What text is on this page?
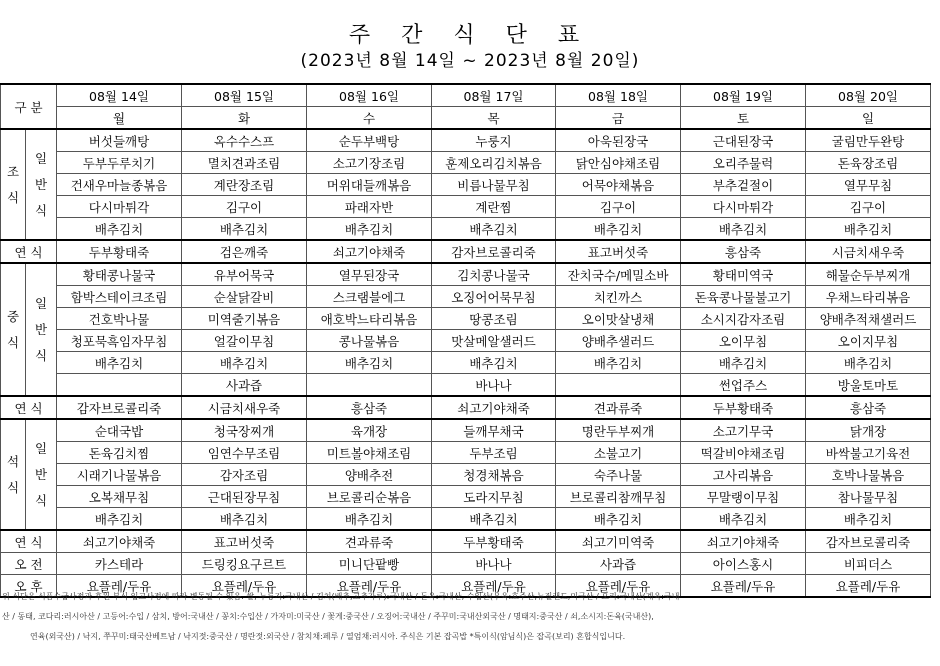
주 간 식 단 표
(2023년 8월 14일 ~ 2023년 8월 20일)
구 분		08월 14일	08월 15일	08월 16일	08월 17일	08월 18일	08월 19일	08월 20일
		월	화	수	목	금	토	일

조
식	일
반
식	버섯들깨탕	옥수수스프	순두부백탕	누룽지	아욱된장국	근대된장국	굴림만두완탕
		두부두루치기	멸치견과조림	소고기장조림	훈제오리김치볶음	닭안심야채조림	오리주물럭	돈육장조림
		건새우마늘종볶음	계란장조림	머위대들깨볶음	비름나물무침	어묵야채볶음	부추겉절이	열무무침
		다시마튀각	김구이	파래자반	계란찜	김구이	다시마튀각	김구이
		배추김치	배추김치	배추김치	배추김치	배추김치	배추김치	배추김치
연 식		두부황태죽	검은깨죽	쇠고기야채죽	감자브로콜리죽	표고버섯죽	흥삼죽	시금치새우죽

중
식	일
반
식	황태콩나물국	유부어묵국	열무된장국	김치콩나물국	잔치국수/메밀소바	황태미역국	해물순두부찌개
		함박스테이크조림	순살닭갈비	스크램블에그	오징어어묵무침	치킨까스	돈육콩나물불고기	우채느타리볶음
		건호박나물	미역줄기볶음	애호박느타리볶음	땅콩조림	오이맛살냉채	소시지감자조림	양배추적채샐러드
		청포묵흑임자무침	얼갈이무침	콩나물볶음	맛살메알샐러드	양배추샐러드	오이무침	오이지무침
		배추김치	배추김치	배추김치	배추김치	배추김치	배추김치	배추김치
			사과즙		바나나		썬업주스	방울토마토
연 식		감자브로콜리죽	시금치새우죽	흥삼죽	쇠고기야채죽	견과류죽	두부황태죽	흥삼죽

석
식	일
반
식	순대국밥	청국장찌개	육개장	들깨무채국	명란두부찌개	소고기무국	닭개장
		돈육김치찜	임연수무조림	미트볼야채조림	두부조림	소불고기	떡갈비야채조림	바싹불고기육전
		시래기나물볶음	감자조림	양배추전	청경채볶음	숙주나물	고사리볶음	호박나물볶음
		오복채무침	근대된장무침	브로콜리순볶음	도라지무침	브로콜리참깨무침	무말랭이무침	참나물무침
		배추김치	배추김치	배추김치	배추김치	배추김치	배추김치	배추김치
연 식		쇠고기야채죽	표고버섯죽	견과류죽	두부황태죽	쇠고기미역죽	쇠고기야채죽	감자브로콜리죽
오 전		카스테라	드링킹요구르트	미니단팥빵	바나나	사과즙	아이스홍시	비피더스
오 후		요플레/두유	요플레/두유	요플레/두유	요플레/두유	요플레/두유	요플레/두유	요플레/두유
위 식단은 식품수급사정과 후원 부식 입고사정에 따라 변동될 수 있음. 쌀, 누룽지:국내산 / 김치(배추,고추가루):국내산 / 돈육:국내산, 수입산(우육:호주산,뉴질랜드,미국산 / 오리:국내산(계육:국내
산 / 동태, 코다리:러시아산 / 고등어:수입 / 삼치, 방어:국내산 / 꽁치:수입산 / 가자미:미국산 / 꽃게:중국산 / 오징어:국내산 / 주꾸미:국내산외국산 / 명태지:중국산 / 쇠,소시지:돈육(국내산),
연육(외국산) / 낙지, 쭈꾸미:태국산베트남 / 낙지젓:중국산 / 명란젓:외국산 / 참치채:페루 / 열엄채:러시아. 주식은 기본 잡곡밥 *특이식(암님식)은 잡곡(보리) 혼합식입니다.
